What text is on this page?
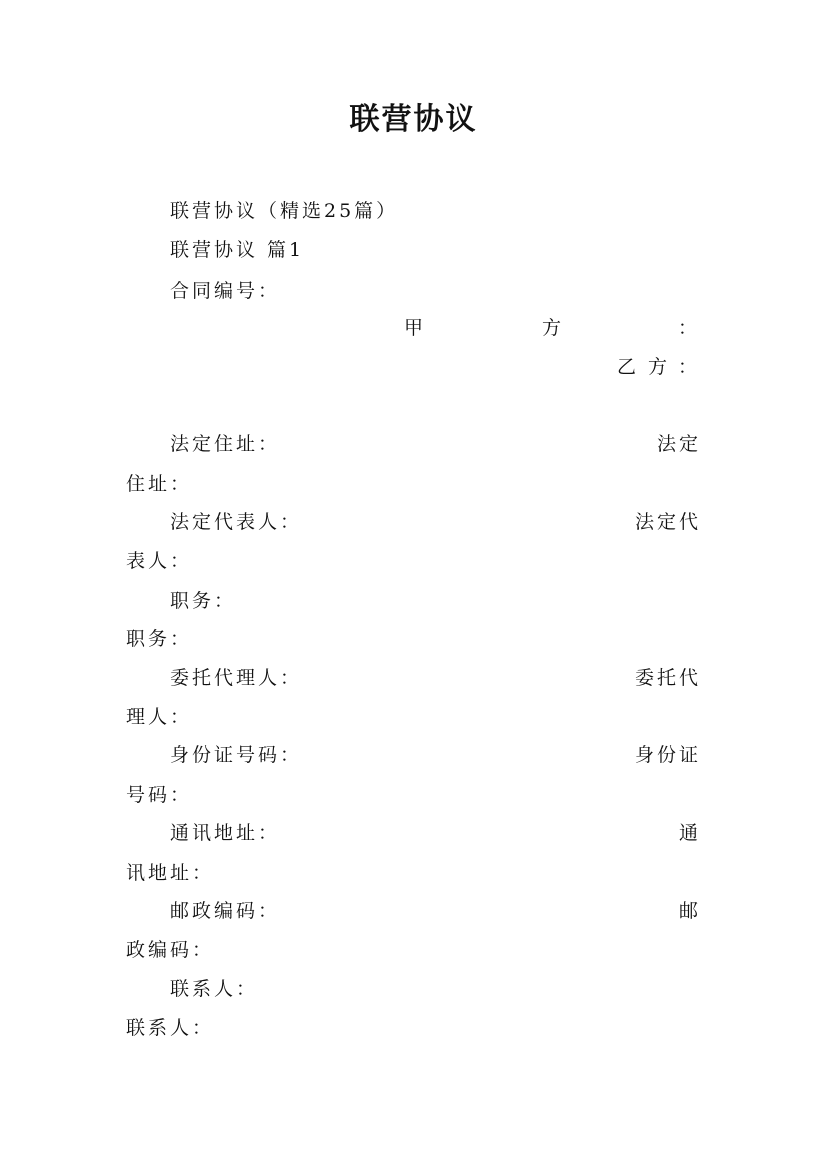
联营协议
联营协议（精选25篇）
联营协议 篇1
合同编号：
甲	方	：
乙 方 ：
法定住址：	法定
住址：
法定代表人：	法定代
表人：
职务：
职务：
委托代理人：	委托代
理人：
身份证号码：	身份证
号码：
通讯地址：	通
讯地址：
邮政编码：	邮
政编码：
联系人：
联系人：
